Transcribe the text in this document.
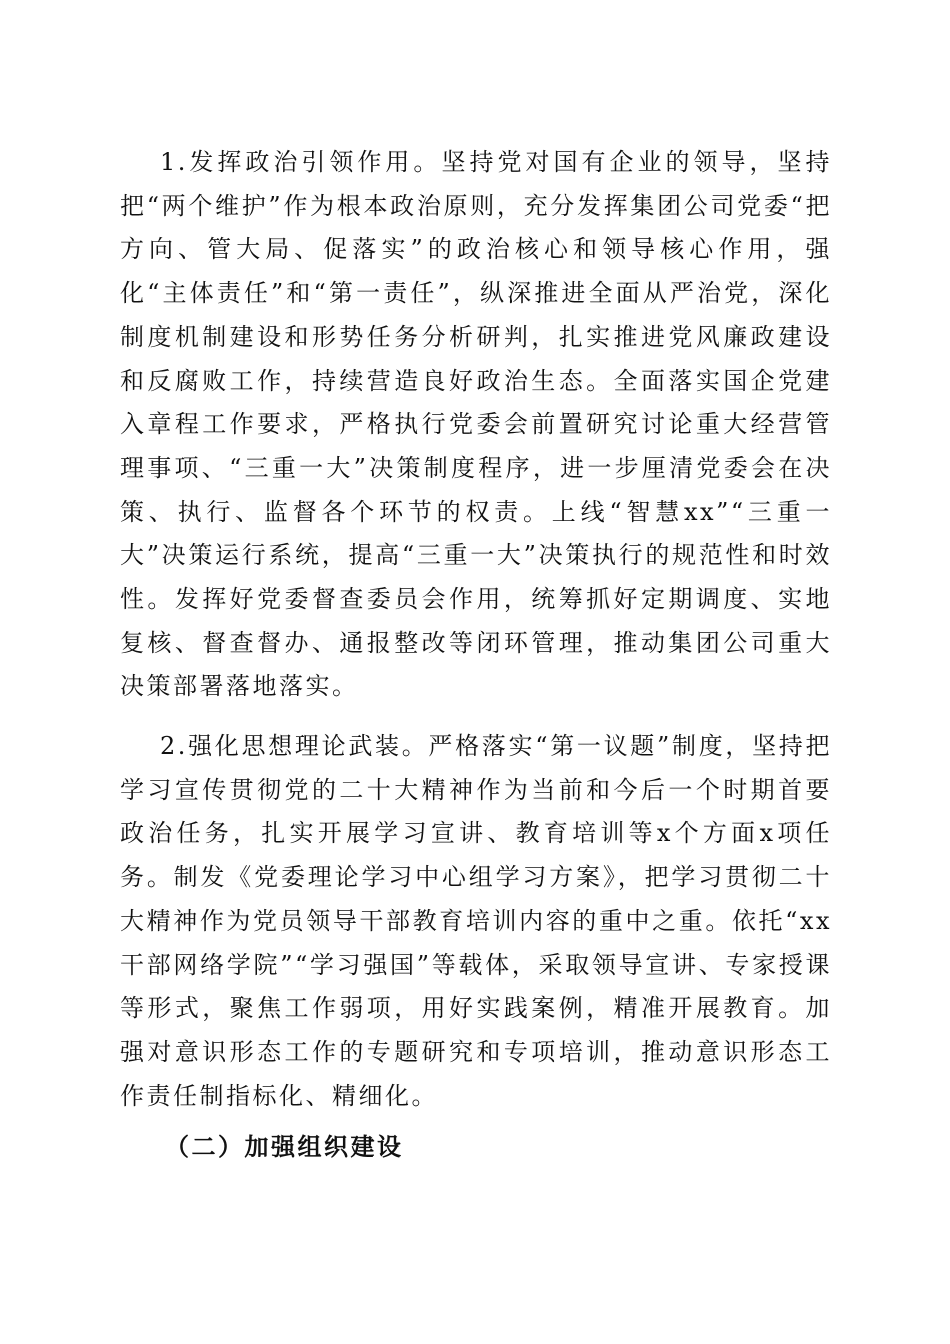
1.发挥政治引领作用。坚持党对国有企业的领导，坚持把“两个维护”作为根本政治原则，充分发挥集团公司党委“把方向、管大局、促落实”的政治核心和领导核心作用，强化“主体责任”和“第一责任”，纵深推进全面从严治党，深化制度机制建设和形势任务分析研判，扎实推进党风廉政建设和反腐败工作，持续营造良好政治生态。全面落实国企党建入章程工作要求，严格执行党委会前置研究讨论重大经营管理事项、“三重一大”决策制度程序，进一步厘清党委会在决策、执行、监督各个环节的权责。上线“智慧xx”“三重一大”决策运行系统，提高“三重一大”决策执行的规范性和时效性。发挥好党委督查委员会作用，统筹抓好定期调度、实地复核、督查督办、通报整改等闭环管理，推动集团公司重大决策部署落地落实。
2.强化思想理论武装。严格落实“第一议题”制度，坚持把学习宣传贯彻党的二十大精神作为当前和今后一个时期首要政治任务，扎实开展学习宣讲、教育培训等x个方面x项任务。制发《党委理论学习中心组学习方案》，把学习贯彻二十大精神作为党员领导干部教育培训内容的重中之重。依托“xx干部网络学院”“学习强国”等载体，采取领导宣讲、专家授课等形式，聚焦工作弱项，用好实践案例，精准开展教育。加强对意识形态工作的专题研究和专项培训，推动意识形态工作责任制指标化、精细化。
（二）加强组织建设
